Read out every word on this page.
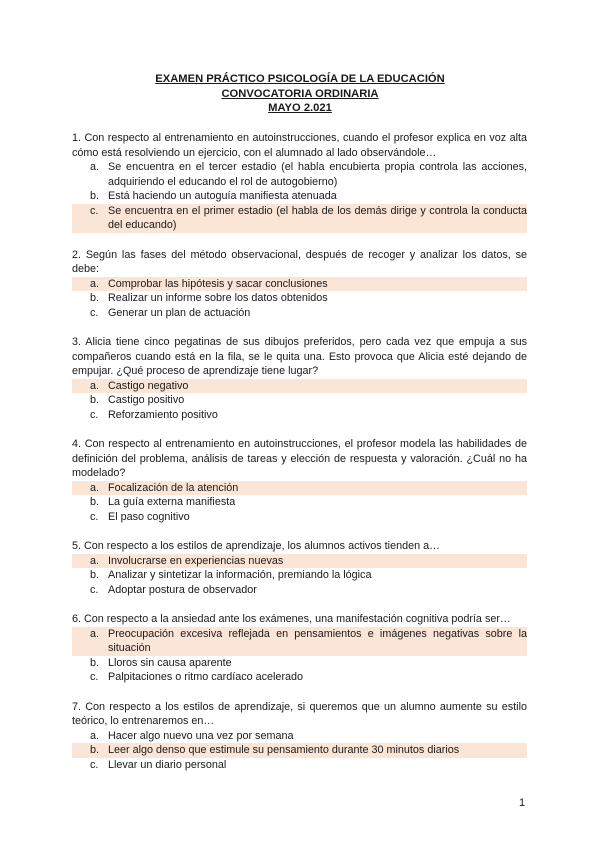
EXAMEN PRÁCTICO PSICOLOGÍA DE LA EDUCACIÓN
CONVOCATORIA ORDINARIA
MAYO 2.021
1. Con respecto al entrenamiento en autoinstrucciones, cuando el profesor explica en voz alta cómo está resolviendo un ejercicio, con el alumnado al lado observándole…
a. Se encuentra en el tercer estadio (el habla encubierta propia controla las acciones, adquiriendo el educando el rol de autogobierno)
b. Está haciendo un autoguía manifiesta atenuada
c. Se encuentra en el primer estadio (el habla de los demás dirige y controla la conducta del educando)
2. Según las fases del método observacional, después de recoger y analizar los datos, se debe:
a. Comprobar las hipótesis y sacar conclusiones
b. Realizar un informe sobre los datos obtenidos
c. Generar un plan de actuación
3. Alicia tiene cinco pegatinas de sus dibujos preferidos, pero cada vez que empuja a sus compañeros cuando está en la fila, se le quita una. Esto provoca que Alicia esté dejando de empujar. ¿Qué proceso de aprendizaje tiene lugar?
a. Castigo negativo
b. Castigo positivo
c. Reforzamiento positivo
4. Con respecto al entrenamiento en autoinstrucciones, el profesor modela las habilidades de definición del problema, análisis de tareas y elección de respuesta y valoración. ¿Cuál no ha modelado?
a. Focalización de la atención
b. La guía externa manifiesta
c. El paso cognitivo
5. Con respecto a los estilos de aprendizaje, los alumnos activos tienden a…
a. Involucrarse en experiencias nuevas
b. Analizar y sintetizar la información, premiando la lógica
c. Adoptar postura de observador
6. Con respecto a la ansiedad ante los exámenes, una manifestación cognitiva podría ser…
a. Preocupación excesiva reflejada en pensamientos e imágenes negativas sobre la situación
b. Lloros sin causa aparente
c. Palpitaciones o ritmo cardíaco acelerado
7. Con respecto a los estilos de aprendizaje, si queremos que un alumno aumente su estilo teórico, lo entrenaremos en…
a. Hacer algo nuevo una vez por semana
b. Leer algo denso que estimule su pensamiento durante 30 minutos diarios
c. Llevar un diario personal
1
